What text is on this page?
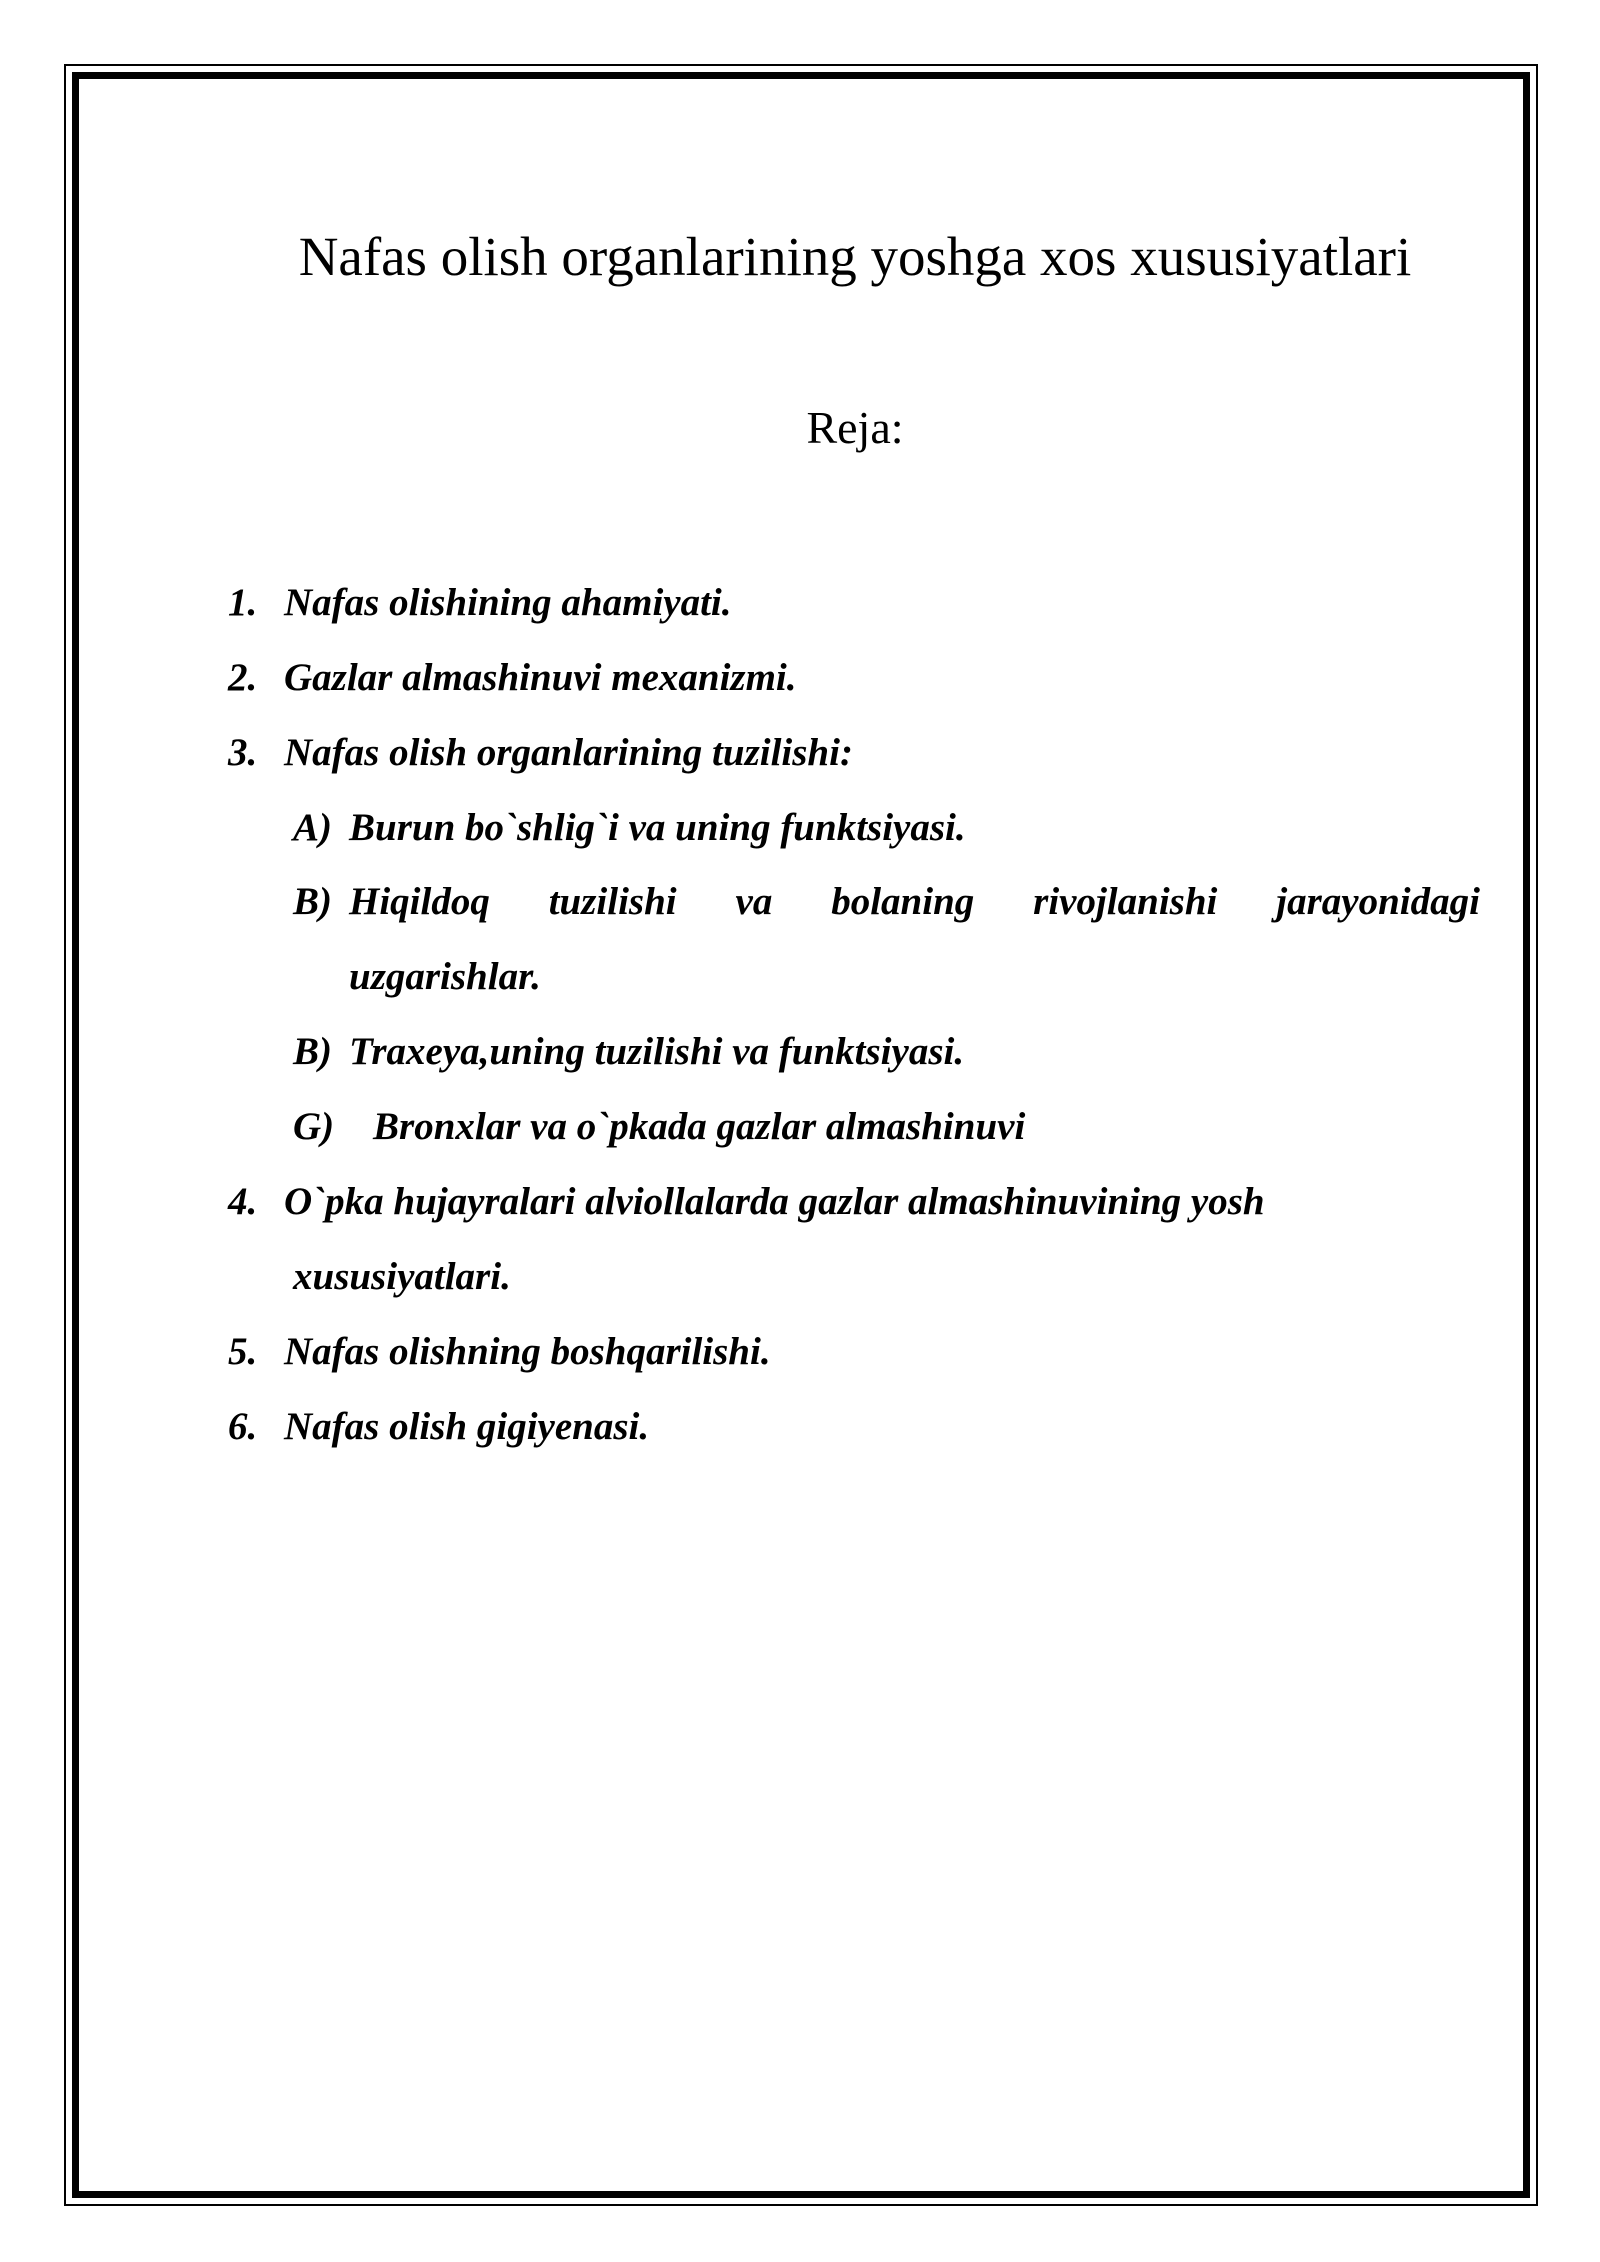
Nafas olish organlarining yoshga xos xususiyatlari
Reja:
1. Nafas olishining ahamiyati.
2. Gazlar almashinuvi mexanizmi.
3. Nafas olish organlarining tuzilishi:
A) Burun bo`shlig`i va uning funktsiyasi.
B) Hiqildoq tuzilishi va bolaning rivojlanishi jarayonidagi
uzgarishlar.
B) Traxeya,uning tuzilishi va funktsiyasi.
G) Bronxlar va o`pkada gazlar almashinuvi
4. O`pka hujayralari alviollalarda gazlar almashinuvining yosh
xususiyatlari.
5. Nafas olishning boshqarilishi.
6. Nafas olish gigiyenasi.
